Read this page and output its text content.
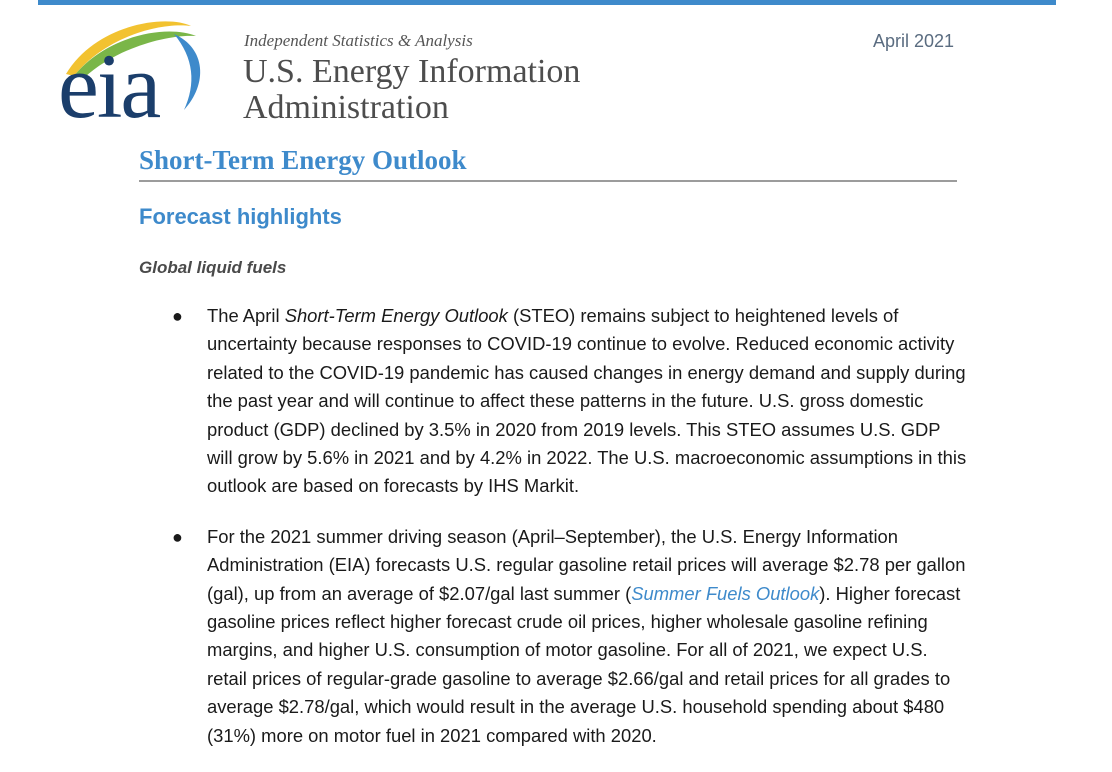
eia	Independent Statistics & Analysis
U.S. Energy Information
Administration
April 2021
Short-Term Energy Outlook
Forecast highlights
Global liquid fuels
● The April Short-Term Energy Outlook (STEO) remains subject to heightened levels of uncertainty because responses to COVID-19 continue to evolve. Reduced economic activity related to the COVID-19 pandemic has caused changes in energy demand and supply during the past year and will continue to affect these patterns in the future. U.S. gross domestic product (GDP) declined by 3.5% in 2020 from 2019 levels. This STEO assumes U.S. GDP will grow by 5.6% in 2021 and by 4.2% in 2022. The U.S. macroeconomic assumptions in this outlook are based on forecasts by IHS Markit.
● For the 2021 summer driving season (April–September), the U.S. Energy Information Administration (EIA) forecasts U.S. regular gasoline retail prices will average $2.78 per gallon (gal), up from an average of $2.07/gal last summer (Summer Fuels Outlook). Higher forecast gasoline prices reflect higher forecast crude oil prices, higher wholesale gasoline refining margins, and higher U.S. consumption of motor gasoline. For all of 2021, we expect U.S. retail prices of regular-grade gasoline to average $2.66/gal and retail prices for all grades to average $2.78/gal, which would result in the average U.S. household spending about $480 (31%) more on motor fuel in 2021 compared with 2020.
